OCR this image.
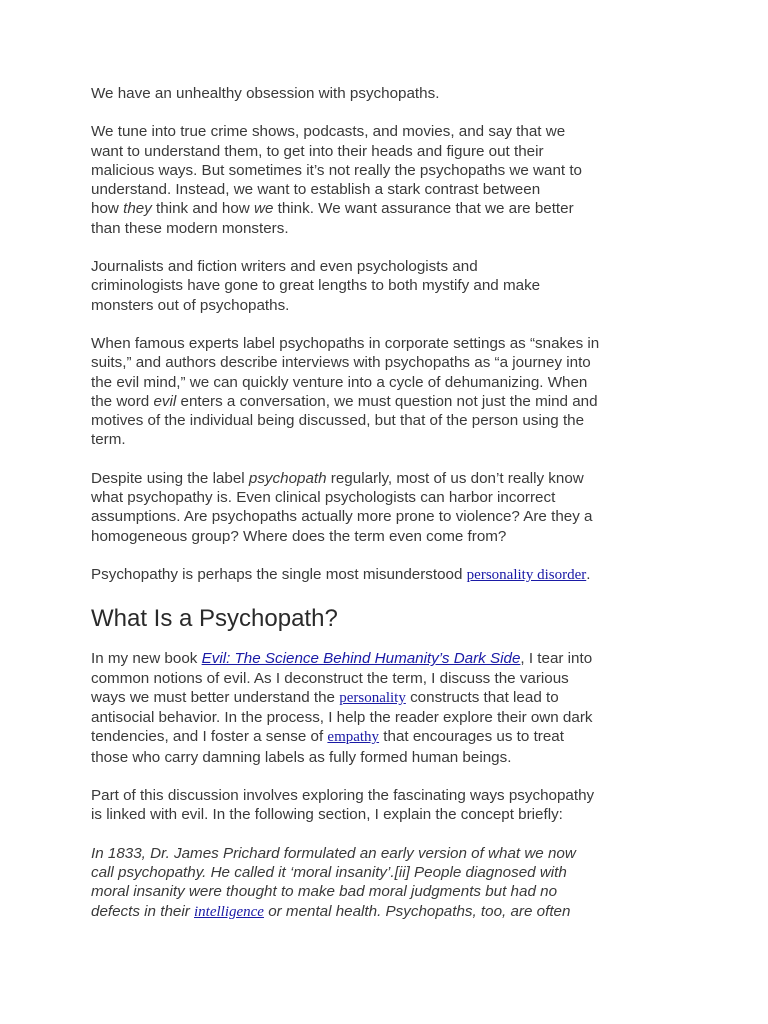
We have an unhealthy obsession with psychopaths.

We tune into true crime shows, podcasts, and movies, and say that we
want to understand them, to get into their heads and figure out their
malicious ways. But sometimes it’s not really the psychopaths we want to
understand. Instead, we want to establish a stark contrast between
how they think and how we think. We want assurance that we are better
than these modern monsters.

Journalists and fiction writers and even psychologists and
criminologists have gone to great lengths to both mystify and make
monsters out of psychopaths.

When famous experts label psychopaths in corporate settings as “snakes in
suits,” and authors describe interviews with psychopaths as “a journey into
the evil mind,” we can quickly venture into a cycle of dehumanizing. When
the word evil enters a conversation, we must question not just the mind and
motives of the individual being discussed, but that of the person using the
term.

Despite using the label psychopath regularly, most of us don’t really know
what psychopathy is. Even clinical psychologists can harbor incorrect
assumptions. Are psychopaths actually more prone to violence? Are they a
homogeneous group? Where does the term even come from?

Psychopathy is perhaps the single most misunderstood personality disorder.

What Is a Psychopath?

In my new book Evil: The Science Behind Humanity’s Dark Side, I tear into
common notions of evil. As I deconstruct the term, I discuss the various
ways we must better understand the personality constructs that lead to
antisocial behavior. In the process, I help the reader explore their own dark
tendencies, and I foster a sense of empathy that encourages us to treat
those who carry damning labels as fully formed human beings.

Part of this discussion involves exploring the fascinating ways psychopathy
is linked with evil. In the following section, I explain the concept briefly:

In 1833, Dr. James Prichard formulated an early version of what we now
call psychopathy. He called it ‘moral insanity’.[ii] People diagnosed with
moral insanity were thought to make bad moral judgments but had no
defects in their intelligence or mental health. Psychopaths, too, are often
